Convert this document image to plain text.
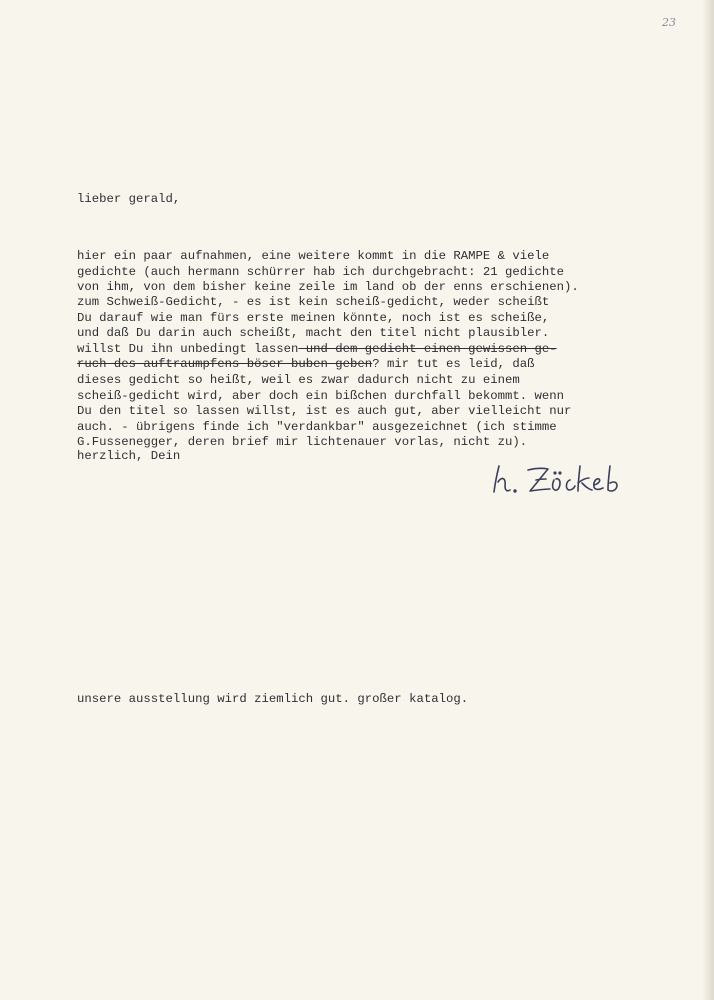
23
lieber gerald,
hier ein paar aufnahmen, eine weitere kommt in die RAMPE & viele
gedichte (auch hermann schürrer hab ich durchgebracht: 21 gedichte
von ihm, von dem bisher keine zeile im land ob der enns erschienen).
zum Schweiß-Gedicht, - es ist kein scheiß-gedicht, weder scheißt
Du darauf wie man fürs erste meinen könnte, noch ist es scheiße,
und daß Du darin auch scheißt, macht den titel nicht plausibler.
willst Du ihn unbedingt lassen und dem gedicht einen gewissen ge-
ruch des auftraumpfens böser buben geben? mir tut es leid, daß
dieses gedicht so heißt, weil es zwar dadurch nicht zu einem
scheiß-gedicht wird, aber doch ein bißchen durchfall bekommt. wenn
Du den titel so lassen willst, ist es auch gut, aber vielleicht nur
auch. - übrigens finde ich "verdankbar" ausgezeichnet (ich stimme
G.Fussenegger, deren brief mir lichtenauer vorlas, nicht zu).
herzlich, Dein
unsere ausstellung wird ziemlich gut. großer katalog.
